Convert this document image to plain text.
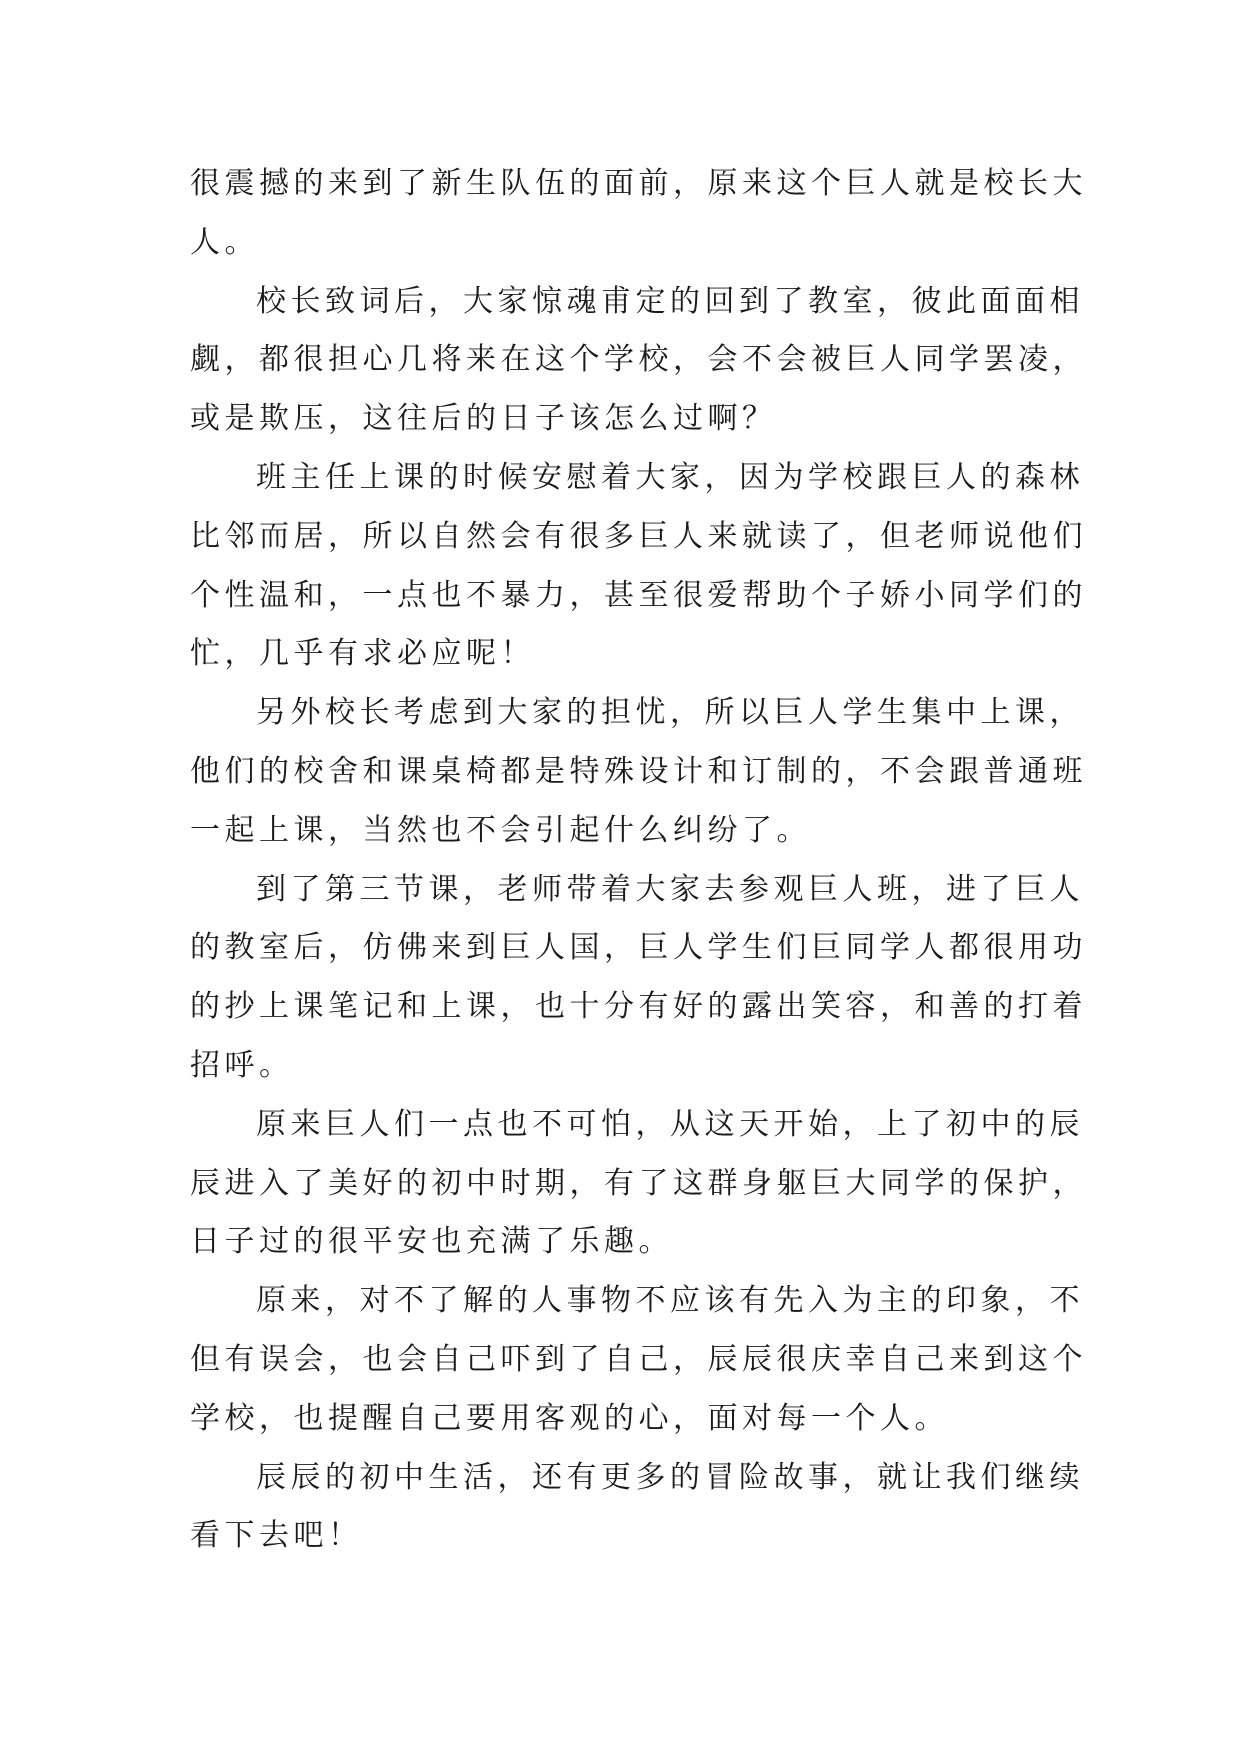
很震撼的来到了新生队伍的面前，原来这个巨人就是校长大
人。
校长致词后，大家惊魂甫定的回到了教室，彼此面面相
觑，都很担心几将来在这个学校，会不会被巨人同学罢凌，
或是欺压，这往后的日子该怎么过啊？
班主任上课的时候安慰着大家，因为学校跟巨人的森林
比邻而居，所以自然会有很多巨人来就读了，但老师说他们
个性温和，一点也不暴力，甚至很爱帮助个子娇小同学们的
忙，几乎有求必应呢！
另外校长考虑到大家的担忧，所以巨人学生集中上课，
他们的校舍和课桌椅都是特殊设计和订制的，不会跟普通班
一起上课，当然也不会引起什么纠纷了。
到了第三节课，老师带着大家去参观巨人班，进了巨人
的教室后，仿佛来到巨人国，巨人学生们巨同学人都很用功
的抄上课笔记和上课，也十分有好的露出笑容，和善的打着
招呼。
原来巨人们一点也不可怕，从这天开始，上了初中的辰
辰进入了美好的初中时期，有了这群身躯巨大同学的保护，
日子过的很平安也充满了乐趣。
原来，对不了解的人事物不应该有先入为主的印象，不
但有误会，也会自己吓到了自己，辰辰很庆幸自己来到这个
学校，也提醒自己要用客观的心，面对每一个人。
辰辰的初中生活，还有更多的冒险故事，就让我们继续
看下去吧！
